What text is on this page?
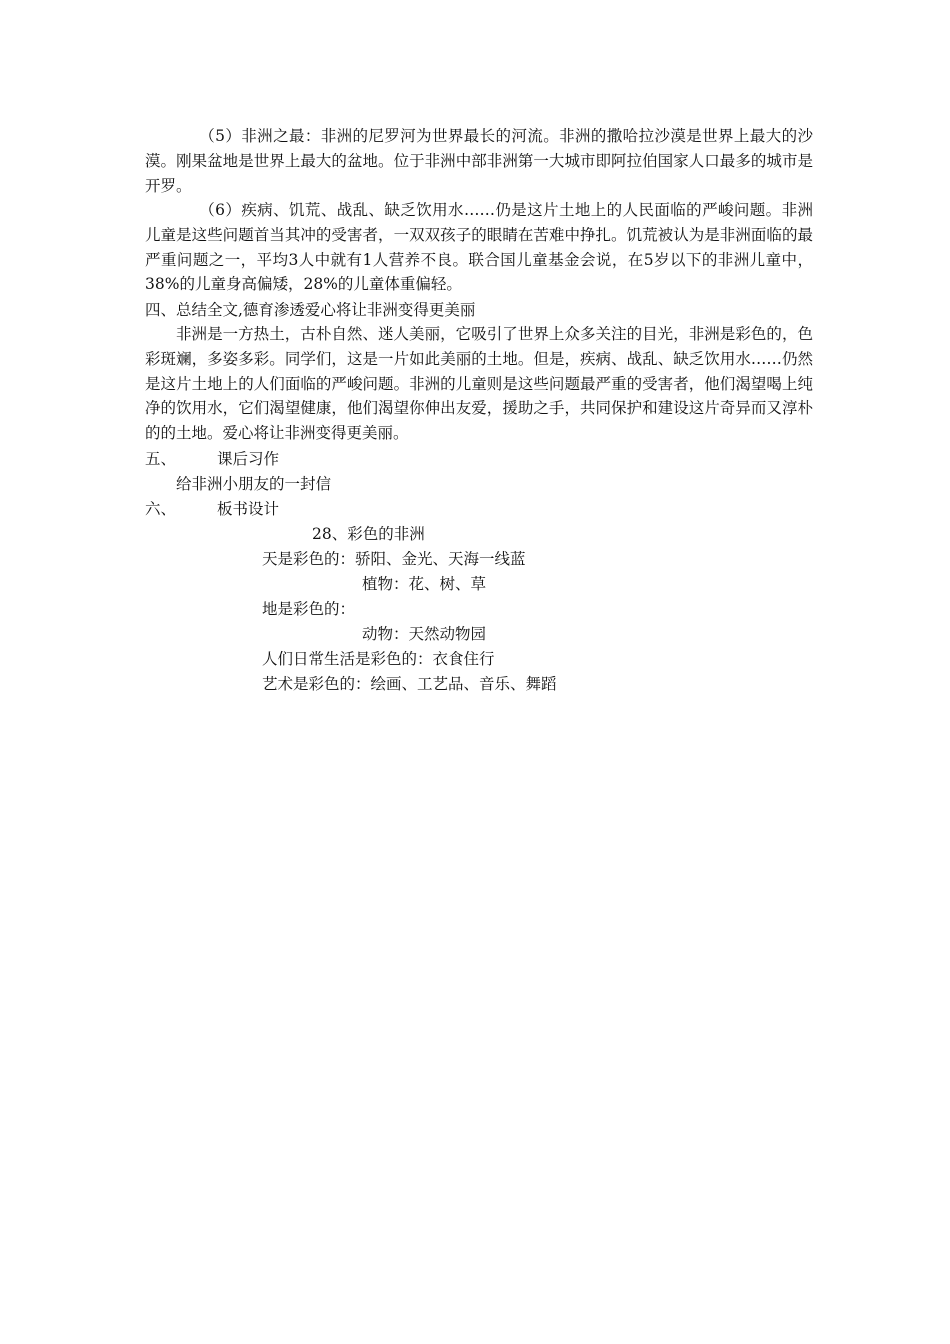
（5）非洲之最：非洲的尼罗河为世界最长的河流。非洲的撒哈拉沙漠是世界上最大的沙漠。刚果盆地是世界上最大的盆地。位于非洲中部非洲第一大城市即阿拉伯国家人口最多的城市是开罗。

（6）疾病、饥荒、战乱、缺乏饮用水……仍是这片土地上的人民面临的严峻问题。非洲儿童是这些问题首当其冲的受害者，一双双孩子的眼睛在苦难中挣扎。饥荒被认为是非洲面临的最严重问题之一，平均3人中就有1人营养不良。联合国儿童基金会说，在5岁以下的非洲儿童中，38%的儿童身高偏矮，28%的儿童体重偏轻。

四、总结全文,德育渗透爱心将让非洲变得更美丽

非洲是一方热土，古朴自然、迷人美丽，它吸引了世界上众多关注的目光，非洲是彩色的，色彩斑斓，多姿多彩。同学们，这是一片如此美丽的土地。但是，疾病、战乱、缺乏饮用水……仍然是这片土地上的人们面临的严峻问题。非洲的儿童则是这些问题最严重的受害者，他们渴望喝上纯净的饮用水，它们渴望健康，他们渴望你伸出友爱，援助之手，共同保护和建设这片奇异而又淳朴的的土地。爱心将让非洲变得更美丽。

五、	课后习作

给非洲小朋友的一封信

六、	板书设计

28、彩色的非洲

天是彩色的：骄阳、金光、天海一线蓝

植物：花、树、草

地是彩色的：

动物：天然动物园

人们日常生活是彩色的：衣食住行

艺术是彩色的：绘画、工艺品、音乐、舞蹈
